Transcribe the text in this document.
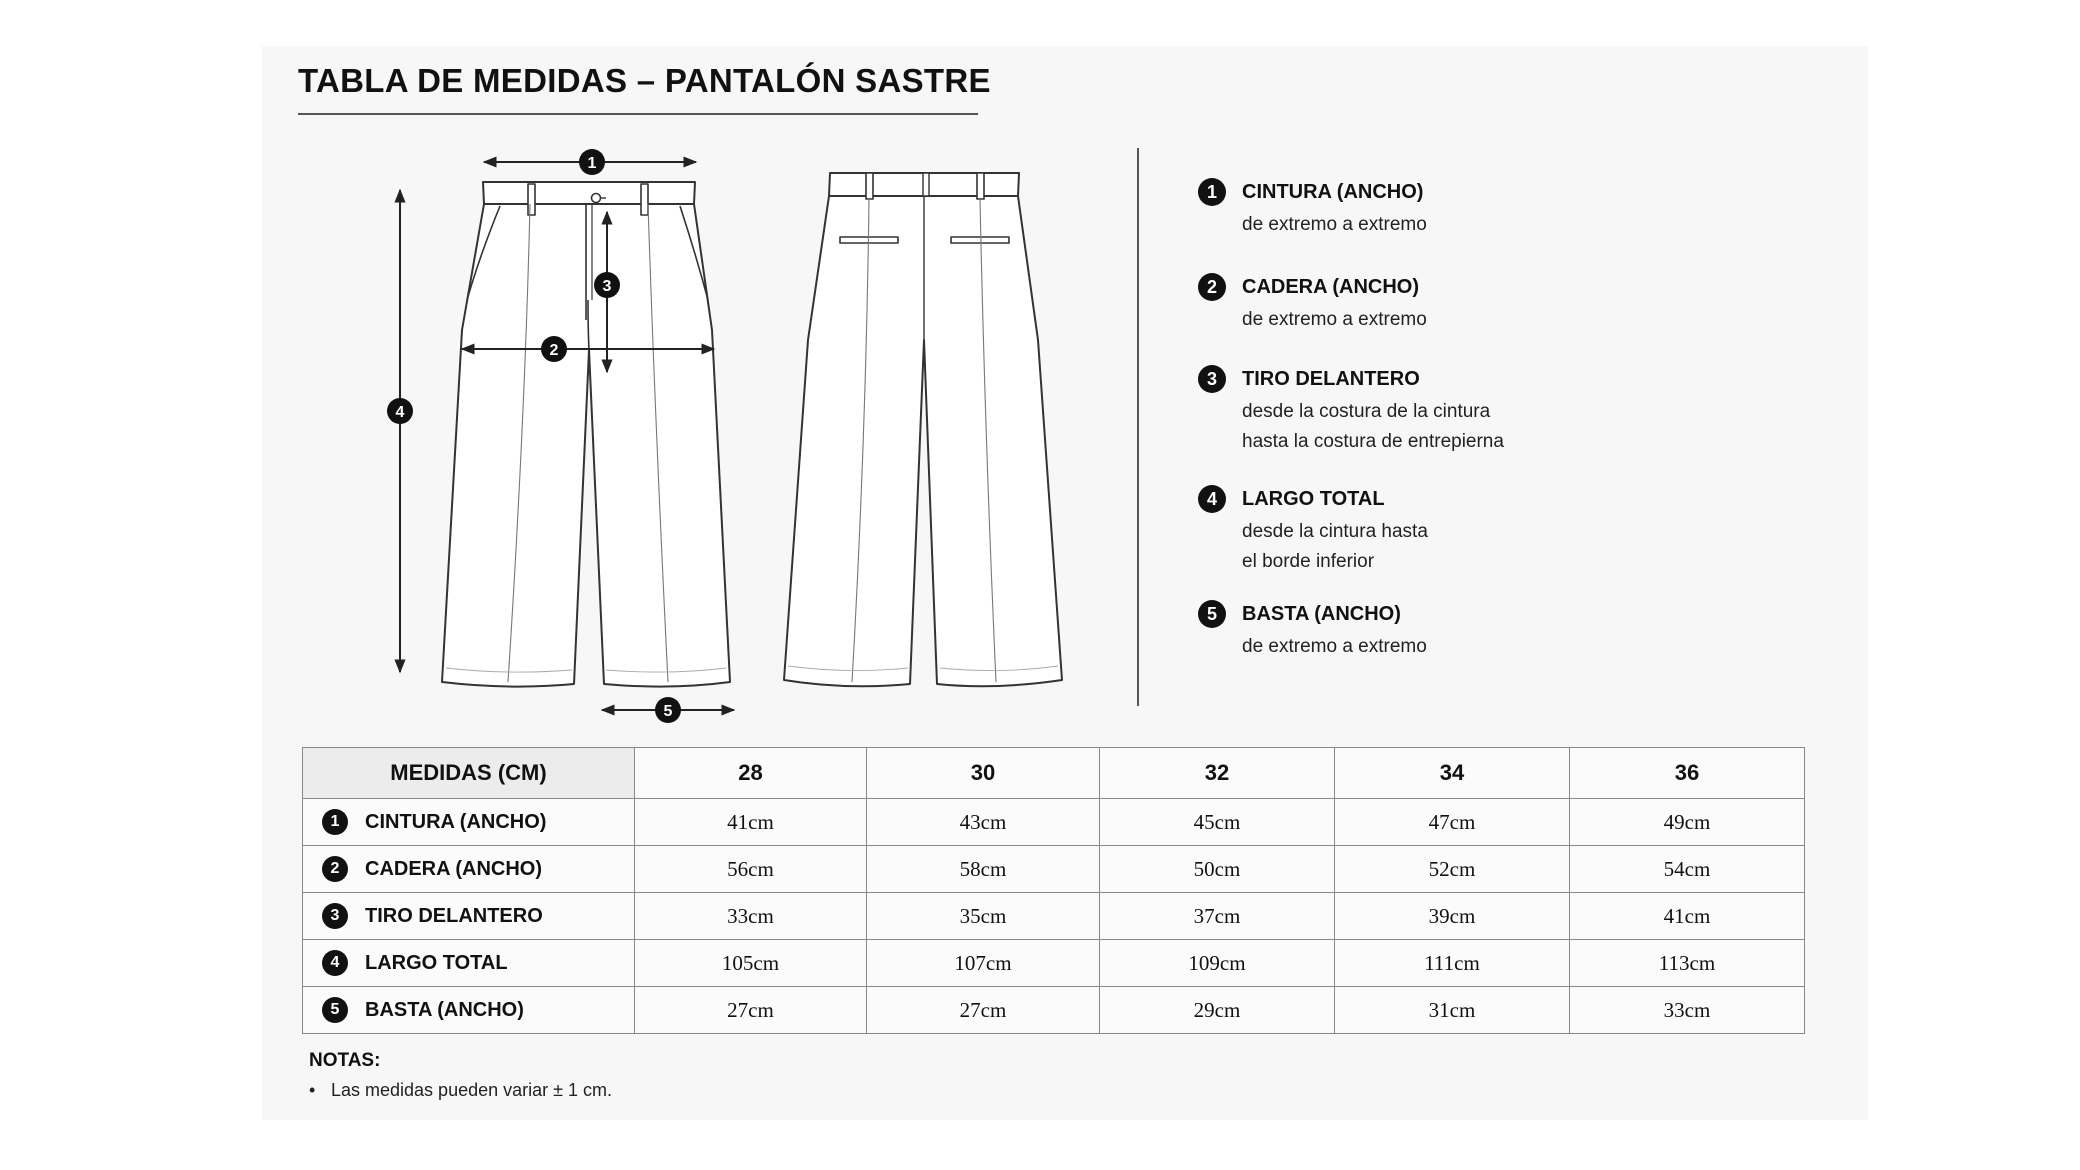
TABLA DE MEDIDAS – PANTALÓN SASTRE
1
2
3
4
5
1	CINTURA (ANCHO)
de extremo a extremo
2	CADERA (ANCHO)
de extremo a extremo
3	TIRO DELANTERO
desde la costura de la cintura
hasta la costura de entrepierna
4	LARGO TOTAL
desde la cintura hasta
el borde inferior
5	BASTA (ANCHO)
de extremo a extremo
MEDIDAS (CM)	28	30	32	34	36

1 CINTURA (ANCHO)	41cm	43cm	45cm	47cm	49cm

2 CADERA (ANCHO)	56cm	58cm	50cm	52cm	54cm

3 TIRO DELANTERO	33cm	35cm	37cm	39cm	41cm

4 LARGO TOTAL	105cm	107cm	109cm	111cm	113cm

5 BASTA (ANCHO)	27cm	27cm	29cm	31cm	33cm
NOTAS:
• Las medidas pueden variar ± 1 cm.
